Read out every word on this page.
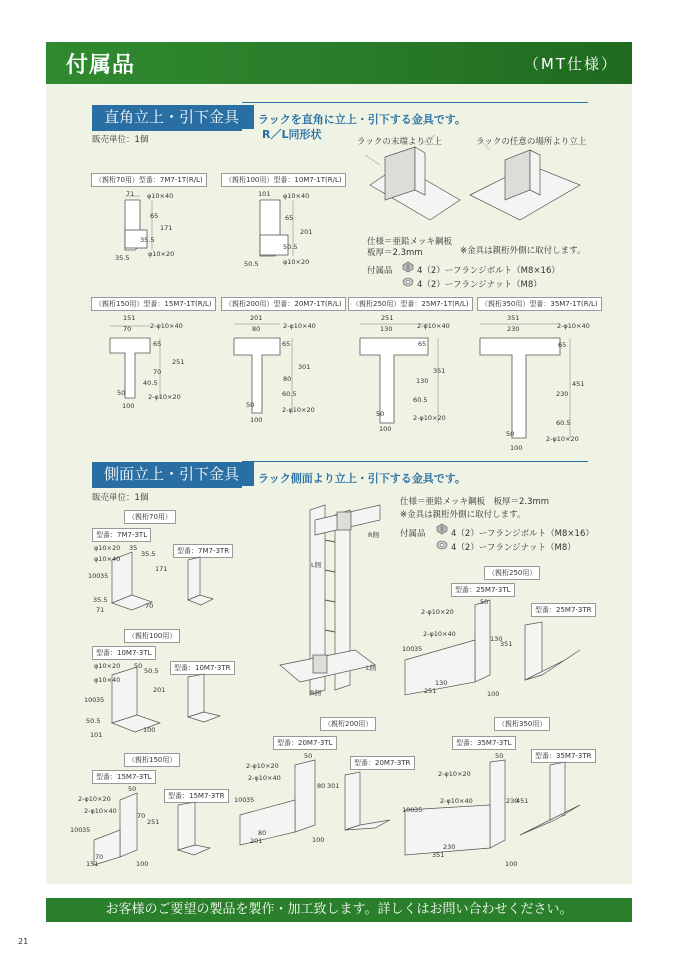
付属品	（MT仕様）
直角立上・引下金具	ラックを直角に立上・引下する金具です。
R／L同形状
販売単位：1個	ラックの末端より立上	ラックの任意の場所より立上
仕様＝亜鉛メッキ鋼板
板厚＝2.3mm	※金具は親桁外側に取付します。
付属品	4（2）ーフランジボルト（M8×16）
4（2）ーフランジナット（M8）
（親桁70用）型番：7M7-1T(R/L)
71 φ10×40
65
171
35.5
35.5	φ10×20
（親桁100用）型番：10M7-1T(R/L)
101 φ10×40
65
201
50.5
50.5	φ10×20
（親桁150用）型番：15M7-1T(R/L)
151
70	2-φ10×40
65
251
70
40.5
50	2-φ10×20
100
（親桁200用）型番：20M7-1T(R/L)
201
80	2-φ10×40
65
301
80
60.5
50
2-φ10×20
100
（親桁250用）型番：25M7-1T(R/L)
251
130	2-φ10×40
65
351
130
60.5
50	2-φ10×20
100
（親桁350用）型番：35M7-1T(R/L)
351
230	2-φ10×40
65
451
230
60.5
50
2-φ10×20
100
側面立上・引下金具	ラック側面より立上・引下する金具です。
販売単位：1個	仕様＝亜鉛メッキ鋼板　板厚＝2.3mm
※金具は親桁外側に取付します。
付属品	4（2）ーフランジボルト（M8×16）
4（2）ーフランジナット（M8）
R側
L側
L側
R側
（親桁70用）
型番：7M7-3TL
型番：7M7-3TR
φ10×20
φ10×40
35
35.5
171
100 35
35.5
71	70
（親桁100用）
型番：10M7-3TL
型番：10M7-3TR
φ10×20 50
50.5
φ10×40
201
100 35
50.5
101
100
（親桁150用）
型番：15M7-3TL
型番：15M7-3TR
50
2-φ10×20
2-φ10×40
70
251
100 35
70
151	100
（親桁200用）
型番：20M7-3TL
型番：20M7-3TR
50
2-φ10×20
2-φ10×40
80 301
100 35
80
201	100
（親桁250用）
型番：25M7-3TL
型番：25M7-3TR
50
2-φ10×20
2-φ10×40
130
351
100 35
130
251	100
（親桁350用）
型番：35M7-3TL
型番：35M7-3TR
50
2-φ10×20
2-φ10×40	230
451
100 35
230
351
100
お客様のご要望の製品を製作・加工致します。詳しくはお問い合わせください。
21
